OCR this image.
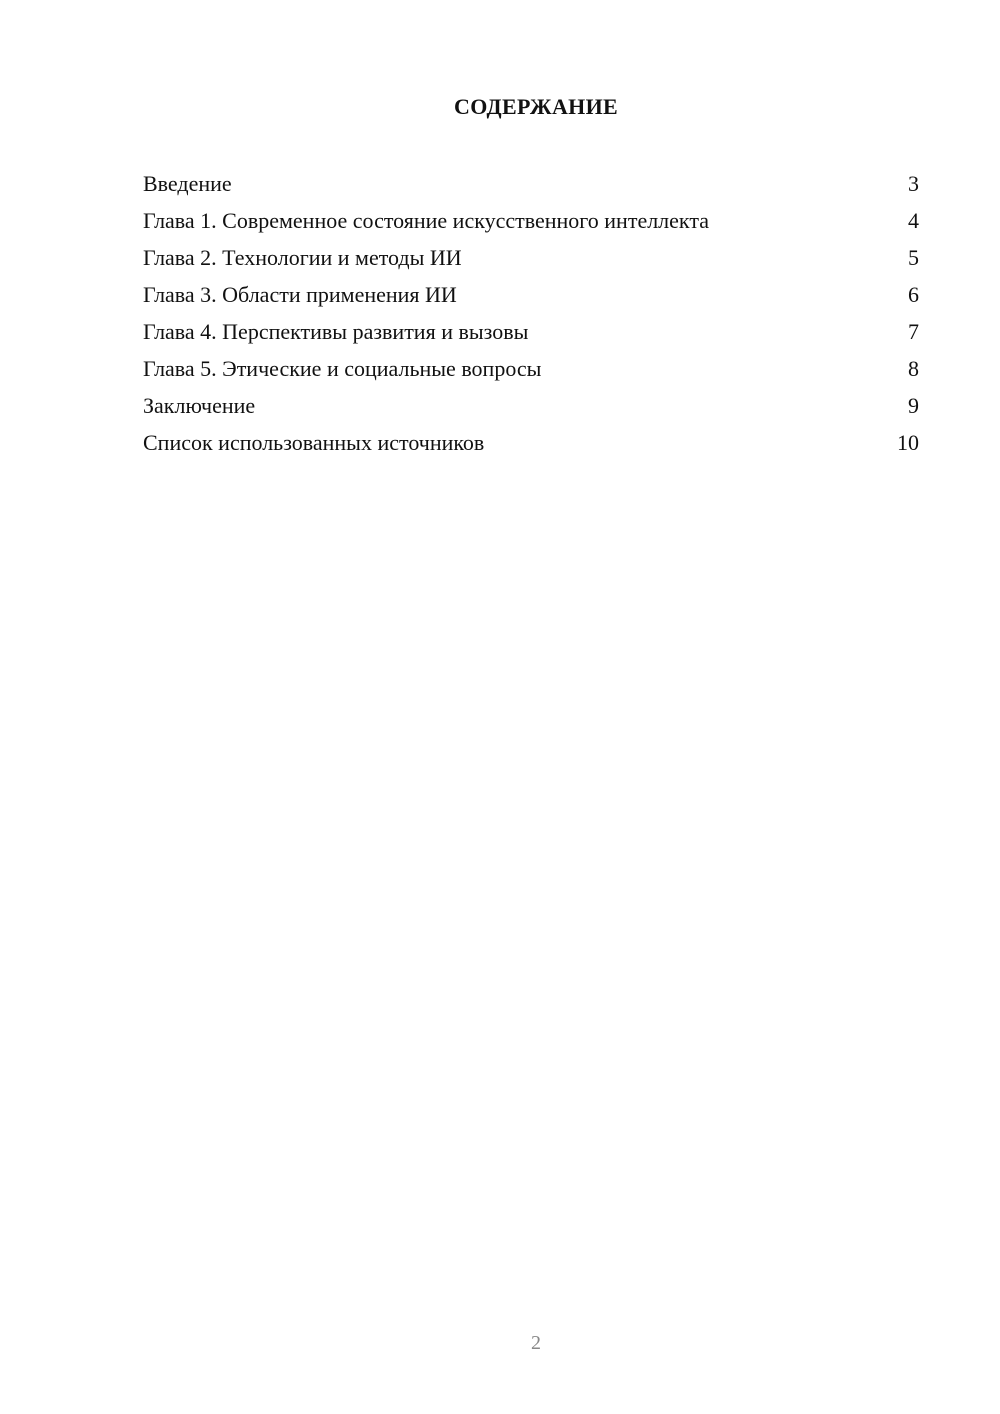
СОДЕРЖАНИЕ
Введение	3
Глава 1. Современное состояние искусственного интеллекта	4
Глава 2. Технологии и методы ИИ	5
Глава 3. Области применения ИИ	6
Глава 4. Перспективы развития и вызовы	7
Глава 5. Этические и социальные вопросы	8
Заключение	9
Список использованных источников	10
2
